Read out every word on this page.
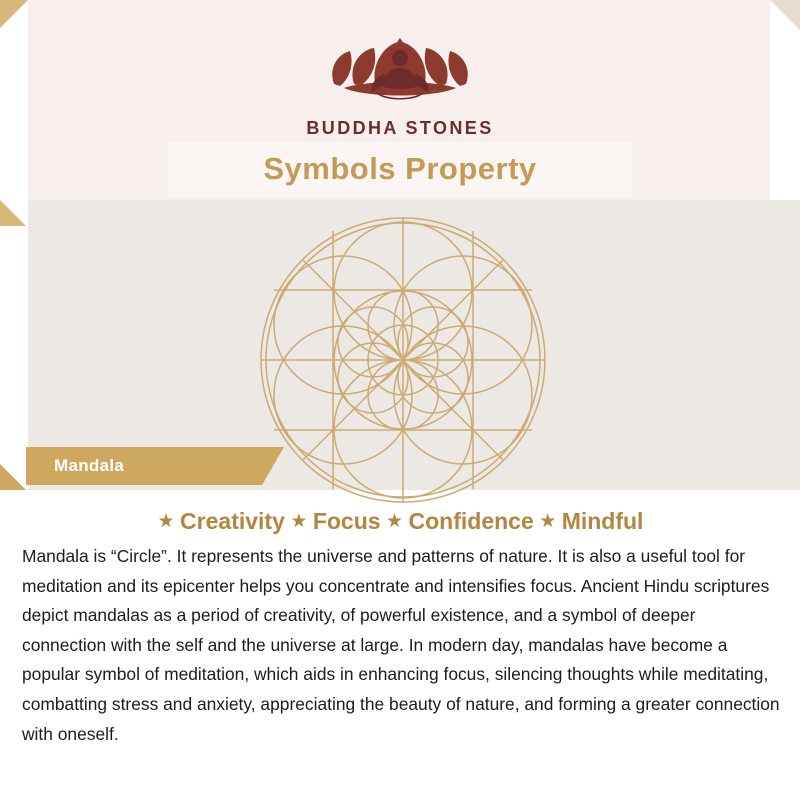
BUDDHA STONES
Symbols Property
Mandala
★ Creativity ★ Focus ★ Confidence ★ Mindful
Mandala is “Circle”. It represents the universe and patterns of nature. It is also a useful tool for meditation and its epicenter helps you concentrate and intensifies focus. Ancient Hindu scriptures depict mandalas as a period of creativity, of powerful existence, and a symbol of deeper connection with the self and the universe at large. In modern day, mandalas have become a popular symbol of meditation, which aids in enhancing focus, silencing thoughts while meditating, combatting stress and anxiety, appreciating the beauty of nature, and forming a greater connection with oneself.
